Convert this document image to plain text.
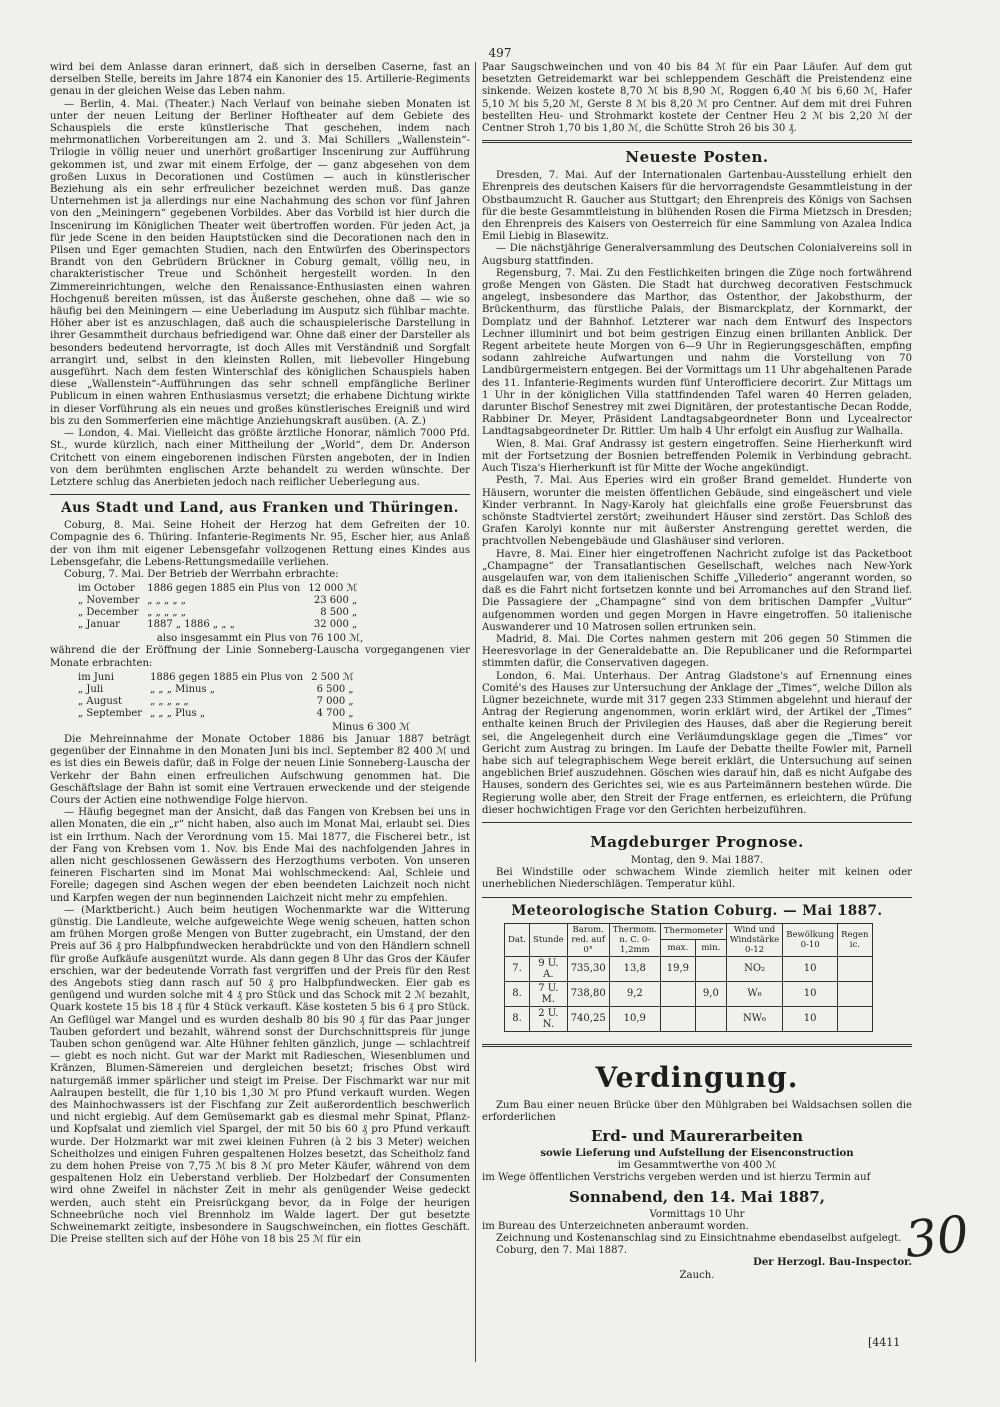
497

wird bei dem Anlasse daran erinnert, daß sich in derselben Caserne, fast an derselben Stelle, bereits im Jahre 1874 ein Kanonier des 15. Artillerie-Regiments genau in der gleichen Weise das Leben nahm.

— Berlin, 4. Mai. (Theater.) Nach Verlauf von beinahe sieben Monaten ist unter der neuen Leitung der Berliner Hoftheater auf dem Gebiete des Schauspiels die erste künstlerische That geschehen, indem nach mehrmonatlichen Vorbereitungen am 2. und 3. Mai Schillers „Wallenstein“-Trilogie in völlig neuer und unerhört großartiger Inscenirung zur Aufführung gekommen ist, und zwar mit einem Erfolge, der — ganz abgesehen von dem großen Luxus in Decorationen und Costümen — auch in künstlerischer Beziehung als ein sehr erfreulicher bezeichnet werden muß. Das ganze Unternehmen ist ja allerdings nur eine Nachahmung des schon vor fünf Jahren von den „Meiningern“ gegebenen Vorbildes. Aber das Vorbild ist hier durch die Inscenirung im Königlichen Theater weit übertroffen worden. Für jeden Act, ja für jede Scene in den beiden Hauptstücken sind die Decorationen nach den in Pilsen und Eger gemachten Studien, nach den Entwürfen des Oberinspectors Brandt von den Gebrüdern Brückner in Coburg gemalt, völlig neu, in charakteristischer Treue und Schönheit hergestellt worden. In den Zimmereinrichtungen, welche den Renaissance-Enthusiasten einen wahren Hochgenuß bereiten müssen, ist das Äußerste geschehen, ohne daß — wie so häufig bei den Meiningern — eine Ueberladung im Ausputz sich fühlbar machte. Höher aber ist es anzuschlagen, daß auch die schauspielerische Darstellung in ihrer Gesammtheit durchaus befriedigend war. Ohne daß einer der Darsteller als besonders bedeutend hervorragte, ist doch Alles mit Verständniß und Sorgfalt arrangirt und, selbst in den kleinsten Rollen, mit liebevoller Hingebung ausgeführt. Nach dem festen Winterschlaf des königlichen Schauspiels haben diese „Wallenstein“-Aufführungen das sehr schnell empfängliche Berliner Publicum in einen wahren Enthusiasmus versetzt; die erhabene Dichtung wirkte in dieser Vorführung als ein neues und großes künstlerisches Ereigniß und wird bis zu den Sommerferien eine mächtige Anziehungskraft ausüben. (A. Z.)

— London, 4. Mai. Vielleicht das größte ärztliche Honorar, nämlich 7000 Pfd. St., wurde kürzlich, nach einer Mittheilung der „World“, dem Dr. Anderson Critchett von einem eingeborenen indischen Fürsten angeboten, der in Indien von dem berühmten englischen Arzte behandelt zu werden wünschte. Der Letztere schlug das Anerbieten jedoch nach reiflicher Ueberlegung aus.

Aus Stadt und Land, aus Franken und Thüringen.

Coburg, 8. Mai. Seine Hoheit der Herzog hat dem Gefreiten der 10. Compagnie des 6. Thüring. Infanterie-Regiments Nr. 95, Escher hier, aus Anlaß der von ihm mit eigener Lebensgefahr vollzogenen Rettung eines Kindes aus Lebensgefahr, die Lebens-Rettungsmedaille verliehen.

Coburg, 7. Mai. Der Betrieb der Werrbahn erbrachte:

im October	1886 gegen 1885 ein Plus von	12 000 ℳ
„ November	„ „ „ „ „	23 600 „
„ December	„ „ „ „ „	8 500 „
„ Januar	1887 „ 1886 „ „ „	32 000 „

also insgesammt ein Plus von 76 100 ℳ,

während die der Eröffnung der Linie Sonneberg-Lauscha vorgegangenen vier Monate erbrachten:

im Juni	1886 gegen 1885 ein Plus von	2 500 ℳ
„ Juli	„ „ „ Minus „	6 500 „
„ August	„ „ „ „ „	7 000 „
„ September	„ „ „ Plus „	4 700 „

Minus 6 300 ℳ

Die Mehreinnahme der Monate October 1886 bis Januar 1887 beträgt gegenüber der Einnahme in den Monaten Juni bis incl. September 82 400 ℳ und es ist dies ein Beweis dafür, daß in Folge der neuen Linie Sonneberg-Lauscha der Verkehr der Bahn einen erfreulichen Aufschwung genommen hat. Die Geschäftslage der Bahn ist somit eine Vertrauen erweckende und der steigende Cours der Actien eine nothwendige Folge hiervon.

— Häufig begegnet man der Ansicht, daß das Fangen von Krebsen bei uns in allen Monaten, die ein „r“ nicht haben, also auch im Monat Mai, erlaubt sei. Dies ist ein Irrthum. Nach der Verordnung vom 15. Mai 1877, die Fischerei betr., ist der Fang von Krebsen vom 1. Nov. bis Ende Mai des nachfolgenden Jahres in allen nicht geschlossenen Gewässern des Herzogthums verboten. Von unseren feineren Fischarten sind im Monat Mai wohlschmeckend: Aal, Schleie und Forelle; dagegen sind Aschen wegen der eben beendeten Laichzeit noch nicht und Karpfen wegen der nun beginnenden Laichzeit nicht mehr zu empfehlen.

— (Marktbericht.) Auch beim heutigen Wochenmarkte war die Witterung günstig. Die Landleute, welche aufgeweichte Wege wenig scheuen, hatten schon am frühen Morgen große Mengen von Butter zugebracht, ein Umstand, der den Preis auf 36 ₰ pro Halbpfundwecken herabdrückte und von den Händlern schnell für große Aufkäufe ausgenützt wurde. Als dann gegen 8 Uhr das Gros der Käufer erschien, war der bedeutende Vorrath fast vergriffen und der Preis für den Rest des Angebots stieg dann rasch auf 50 ₰ pro Halbpfundwecken. Eier gab es genügend und wurden solche mit 4 ₰ pro Stück und das Schock mit 2 ℳ bezahlt, Quark kostete 15 bis 18 ₰ für 4 Stück verkauft. Käse kosteten 5 bis 6 ₰ pro Stück. An Geflügel war Mangel und es wurden deshalb 80 bis 90 ₰ für das Paar junger Tauben gefordert und bezahlt, während sonst der Durchschnittspreis für junge Tauben schon genügend war. Alte Hühner fehlten gänzlich, junge — schlachtreif — giebt es noch nicht. Gut war der Markt mit Radieschen, Wiesenblumen und Kränzen, Blumen-Sämereien und dergleichen besetzt; frisches Obst wird naturgemäß immer spärlicher und steigt im Preise. Der Fischmarkt war nur mit Aalraupen bestellt, die für 1,10 bis 1,30 ℳ pro Pfund verkauft wurden. Wegen des Mainhochwassers ist der Fischfang zur Zeit außerordentlich beschwerlich und nicht ergiebig. Auf dem Gemüsemarkt gab es diesmal mehr Spinat, Pflanz- und Kopfsalat und ziemlich viel Spargel, der mit 50 bis 60 ₰ pro Pfund verkauft wurde. Der Holzmarkt war mit zwei kleinen Fuhren (à 2 bis 3 Meter) weichen Scheitholzes und einigen Fuhren gespaltenen Holzes besetzt, das Scheitholz fand zu dem hohen Preise von 7,75 ℳ bis 8 ℳ pro Meter Käufer, während von dem gespaltenen Holz ein Ueberstand verblieb. Der Holzbedarf der Consumenten wird ohne Zweifel in nächster Zeit in mehr als genügender Weise gedeckt werden, auch steht ein Preisrückgang bevor, da in Folge der heurigen Schneebrüche noch viel Brennholz im Walde lagert. Der gut besetzte Schweinemarkt zeitigte, insbesondere in Saugschweinchen, ein flottes Geschäft. Die Preise stellten sich auf der Höhe von 18 bis 25 ℳ für ein

Paar Saugschweinchen und von 40 bis 84 ℳ für ein Paar Läufer. Auf dem gut besetzten Getreidemarkt war bei schleppendem Geschäft die Preistendenz eine sinkende. Weizen kostete 8,70 ℳ bis 8,90 ℳ, Roggen 6,40 ℳ bis 6,60 ℳ, Hafer 5,10 ℳ bis 5,20 ℳ, Gerste 8 ℳ bis 8,20 ℳ pro Centner. Auf dem mit drei Fuhren bestellten Heu- und Strohmarkt kostete der Centner Heu 2 ℳ bis 2,20 ℳ der Centner Stroh 1,70 bis 1,80 ℳ, die Schütte Stroh 26 bis 30 ₰.

Neueste Posten.

Dresden, 7. Mai. Auf der Internationalen Gartenbau-Ausstellung erhielt den Ehrenpreis des deutschen Kaisers für die hervorragendste Gesammtleistung in der Obstbaumzucht R. Gaucher aus Stuttgart; den Ehrenpreis des Königs von Sachsen für die beste Gesammtleistung in blühenden Rosen die Firma Mietzsch in Dresden; den Ehrenpreis des Kaisers von Oesterreich für eine Sammlung von Azalea Indica Emil Liebig in Blasewitz.

— Die nächstjährige Generalversammlung des Deutschen Colonialvereins soll in Augsburg stattfinden.

Regensburg, 7. Mai. Zu den Festlichkeiten bringen die Züge noch fortwährend große Mengen von Gästen. Die Stadt hat durchweg decorativen Festschmuck angelegt, insbesondere das Marthor, das Ostenthor, der Jakobsthurm, der Brückenthurm, das fürstliche Palais, der Bismarckplatz, der Kornmarkt, der Domplatz und der Bahnhof. Letzterer war nach dem Entwurf des Inspectors Lechner illuminirt und bot beim gestrigen Einzug einen brillanten Anblick. Der Regent arbeitete heute Morgen von 6—9 Uhr in Regierungsgeschäften, empfing sodann zahlreiche Aufwartungen und nahm die Vorstellung von 70 Landbürgermeistern entgegen. Bei der Vormittags um 11 Uhr abgehaltenen Parade des 11. Infanterie-Regiments wurden fünf Unterofficiere decorirt. Zur Mittags um 1 Uhr in der königlichen Villa stattfindenden Tafel waren 40 Herren geladen, darunter Bischof Senestrey mit zwei Dignitären, der protestantische Decan Rodde, Rabbiner Dr. Meyer, Präsident Landtagsabgeordneter Bonn und Lycealrector Landtagsabgeordneter Dr. Rittler. Um halb 4 Uhr erfolgt ein Ausflug zur Walhalla.

Wien, 8. Mai. Graf Andrassy ist gestern eingetroffen. Seine Hierherkunft wird mit der Fortsetzung der Bosnien betreffenden Polemik in Verbindung gebracht. Auch Tisza's Hierherkunft ist für Mitte der Woche angekündigt.

Pesth, 7. Mai. Aus Eperies wird ein großer Brand gemeldet. Hunderte von Häusern, worunter die meisten öffentlichen Gebäude, sind eingeäschert und viele Kinder verbrannt. In Nagy-Karoly hat gleichfalls eine große Feuersbrunst das schönste Stadtviertel zerstört; zweihundert Häuser sind zerstört. Das Schloß des Grafen Karolyi konnte nur mit äußerster Anstrengung gerettet werden, die prachtvollen Nebengebäude und Glashäuser sind verloren.

Havre, 8. Mai. Einer hier eingetroffenen Nachricht zufolge ist das Packetboot „Champagne“ der Transatlantischen Gesellschaft, welches nach New-York ausgelaufen war, von dem italienischen Schiffe „Villederio“ angerannt worden, so daß es die Fahrt nicht fortsetzen konnte und bei Arromanches auf den Strand lief. Die Passagiere der „Champagne“ sind von dem britischen Dampfer „Vultur“ aufgenommen worden und gegen Morgen in Havre eingetroffen. 50 italienische Auswanderer und 10 Matrosen sollen ertrunken sein.

Madrid, 8. Mai. Die Cortes nahmen gestern mit 206 gegen 50 Stimmen die Heeresvorlage in der Generaldebatte an. Die Republicaner und die Reformpartei stimmten dafür, die Conservativen dagegen.

London, 6. Mai. Unterhaus. Der Antrag Gladstone's auf Ernennung eines Comité's des Hauses zur Untersuchung der Anklage der „Times“, welche Dillon als Lügner bezeichnete, wurde mit 317 gegen 233 Stimmen abgelehnt und hierauf der Antrag der Regierung angenommen, worin erklärt wird, der Artikel der „Times“ enthalte keinen Bruch der Privilegien des Hauses, daß aber die Regierung bereit sei, die Angelegenheit durch eine Verläumdungsklage gegen die „Times“ vor Gericht zum Austrag zu bringen. Im Laufe der Debatte theilte Fowler mit, Parnell habe sich auf telegraphischem Wege bereit erklärt, die Untersuchung auf seinen angeblichen Brief auszudehnen. Göschen wies darauf hin, daß es nicht Aufgabe des Hauses, sondern des Gerichtes sei, wie es aus Parteimännern bestehen würde. Die Regierung wolle aber, den Streit der Frage entfernen, es erleichtern, die Prüfung dieser hochwichtigen Frage vor den Gerichten herbeizuführen.

Magdeburger Prognose.

Montag, den 9. Mai 1887.

Bei Windstille oder schwachem Winde ziemlich heiter mit keinen oder unerheblichen Niederschlägen. Temperatur kühl.

Meteorologische Station Coburg. — Mai 1887.
Dat.	Stunde	Barom. red. auf 0°	Thermom. n. C. 0-1,2mm	Thermometer		Wind und Windstärke 0-12	Bewölkung 0-10	Regen ic.
				max.	min.			
7.	9 U. A.	735,30	13,8	19,9		NO₂	10	
8.	7 U. M.	738,80	9,2		9,0	W₆	10	
8.	2 U. N.	740,25	10,9			NW₆	10	
Verdingung.

Zum Bau einer neuen Brücke über den Mühlgraben bei Waldsachsen sollen die erforderlichen

Erd- und Maurerarbeiten

sowie Lieferung und Aufstellung der Eisenconstruction

im Gesammtwerthe von 400 ℳ

im Wege öffentlichen Verstrichs vergeben werden und ist hierzu Termin auf

Sonnabend, den 14. Mai 1887,

Vormittags 10 Uhr

im Bureau des Unterzeichneten anberaumt worden.

Zeichnung und Kostenanschlag sind zu Einsichtnahme ebendaselbst aufgelegt.

Coburg, den 7. Mai 1887.

Der Herzogl. Bau-Inspector.

Zauch.

[4411
30
